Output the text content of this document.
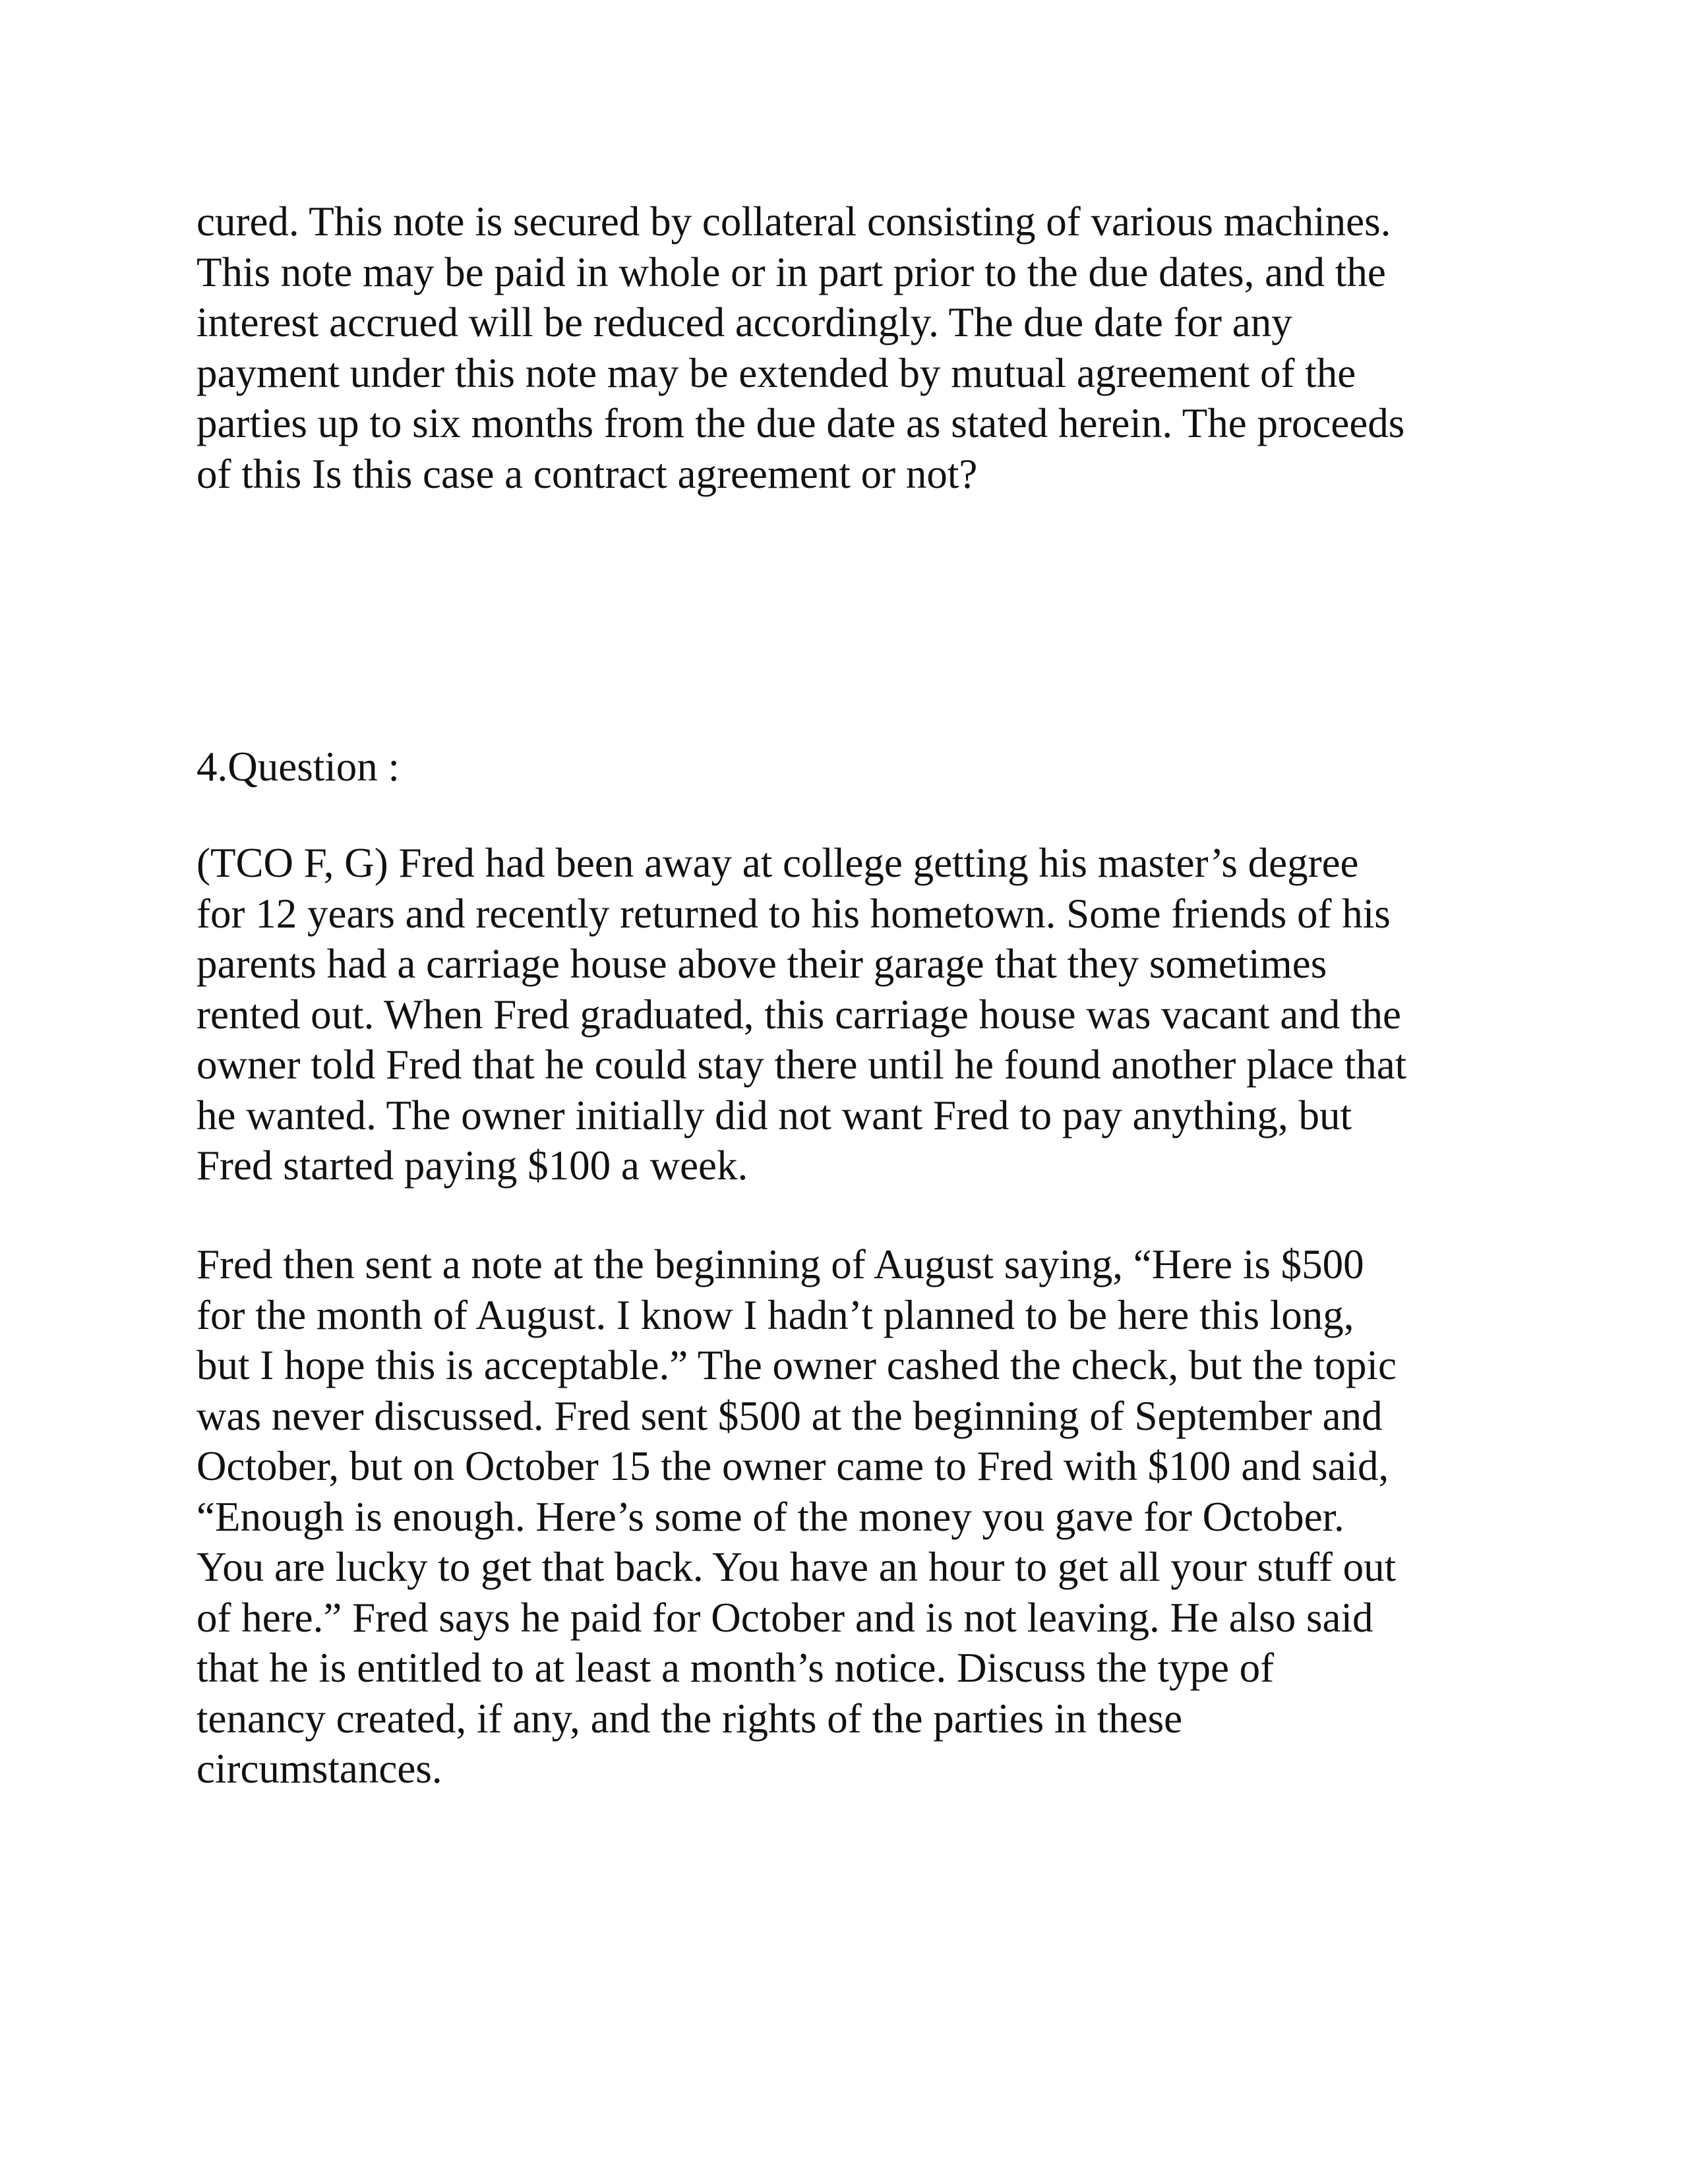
cured. This note is secured by collateral consisting of various machines.
This note may be paid in whole or in part prior to the due dates, and the
interest accrued will be reduced accordingly. The due date for any
payment under this note may be extended by mutual agreement of the
parties up to six months from the due date as stated herein. The proceeds
of this Is this case a contract agreement or not?

4.Question :

(TCO F, G) Fred had been away at college getting his master’s degree
for 12 years and recently returned to his hometown. Some friends of his
parents had a carriage house above their garage that they sometimes
rented out. When Fred graduated, this carriage house was vacant and the
owner told Fred that he could stay there until he found another place that
he wanted. The owner initially did not want Fred to pay anything, but
Fred started paying $100 a week.

Fred then sent a note at the beginning of August saying, “Here is $500
for the month of August. I know I hadn’t planned to be here this long,
but I hope this is acceptable.” The owner cashed the check, but the topic
was never discussed. Fred sent $500 at the beginning of September and
October, but on October 15 the owner came to Fred with $100 and said,
“Enough is enough. Here’s some of the money you gave for October.
You are lucky to get that back. You have an hour to get all your stuff out
of here.” Fred says he paid for October and is not leaving. He also said
that he is entitled to at least a month’s notice. Discuss the type of
tenancy created, if any, and the rights of the parties in these
circumstances.
